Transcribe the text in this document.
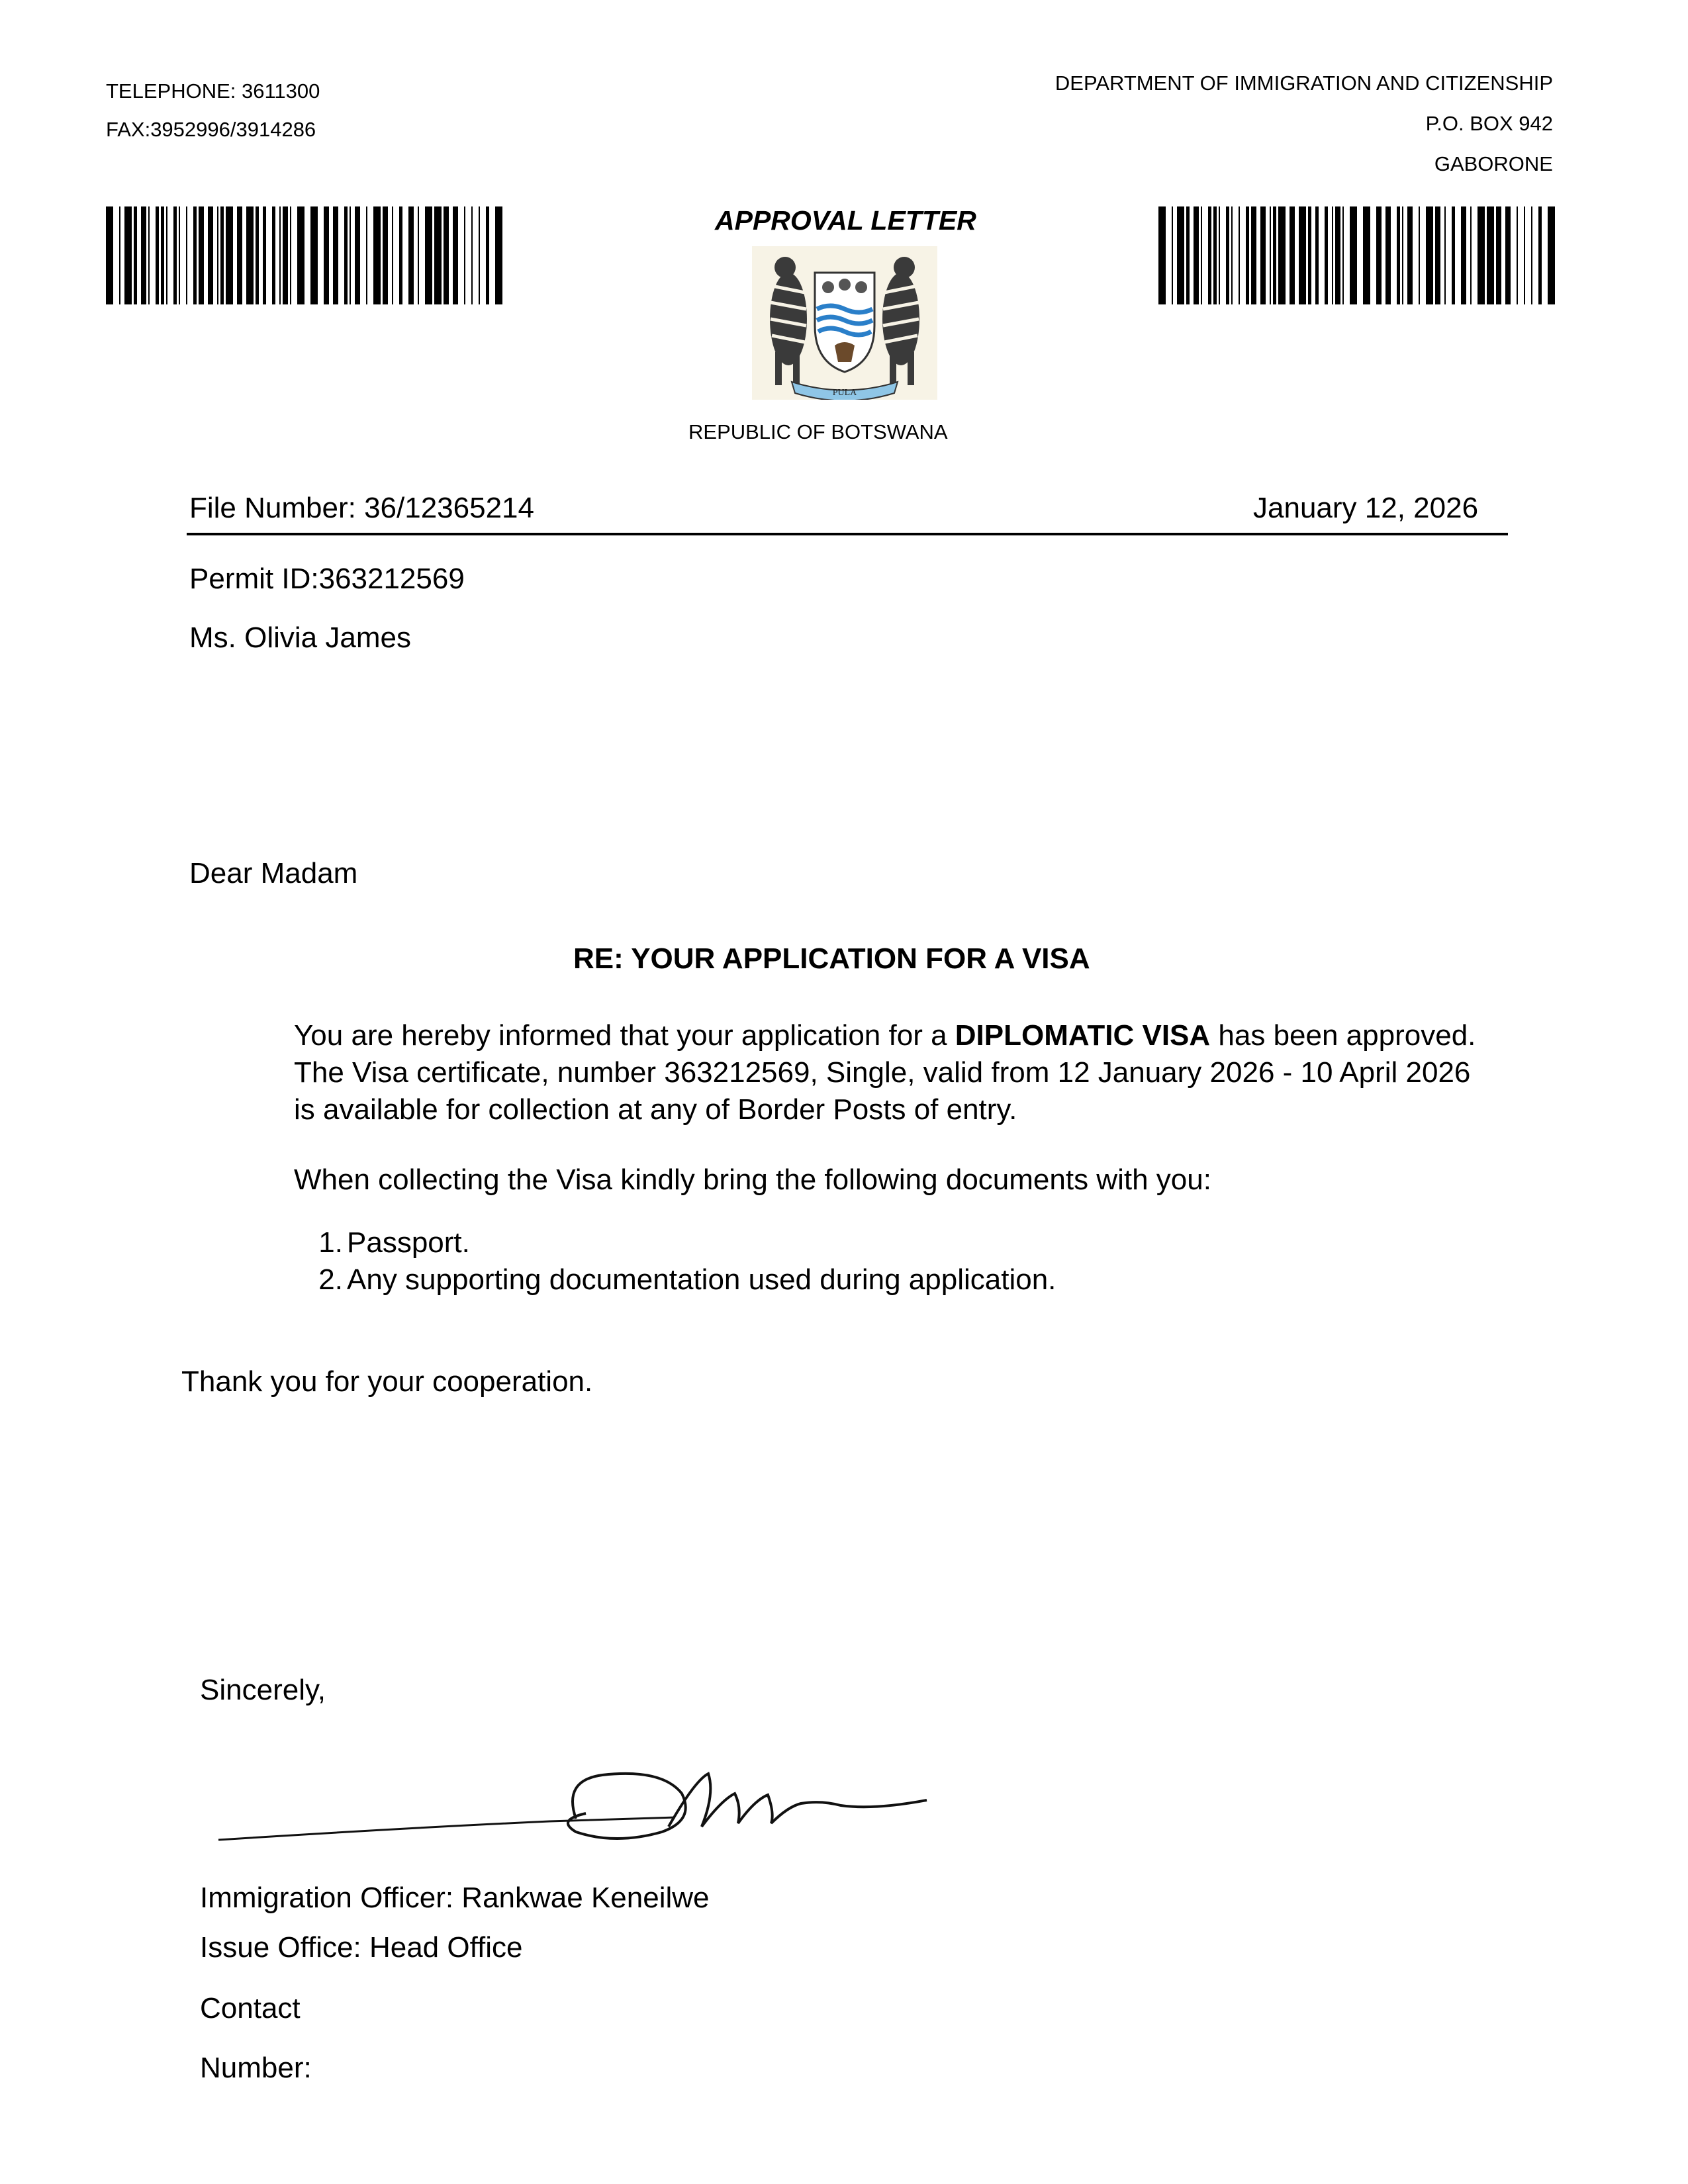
TELEPHONE: 3611300

FAX:3952996/3914286

DEPARTMENT OF IMMIGRATION AND CITIZENSHIP

P.O. BOX 942

GABORONE

APPROVAL LETTER

PULA

REPUBLIC OF BOTSWANA

File Number: 36/12365214	January 12, 2026

Permit ID:363212569

Ms. Olivia James

Dear Madam

RE: YOUR APPLICATION FOR A VISA

You are hereby informed that your application for a DIPLOMATIC VISA has been approved. The Visa certificate, number 363212569, Single, valid from 12 January 2026 - 10 April 2026 is available for collection at any of Border Posts of entry.

When collecting the Visa kindly bring the following documents with you:

1. Passport.
2. Any supporting documentation used during application.

Thank you for your cooperation.

Sincerely,

Immigration Officer: Rankwae Keneilwe

Issue Office: Head Office

Contact

Number:
